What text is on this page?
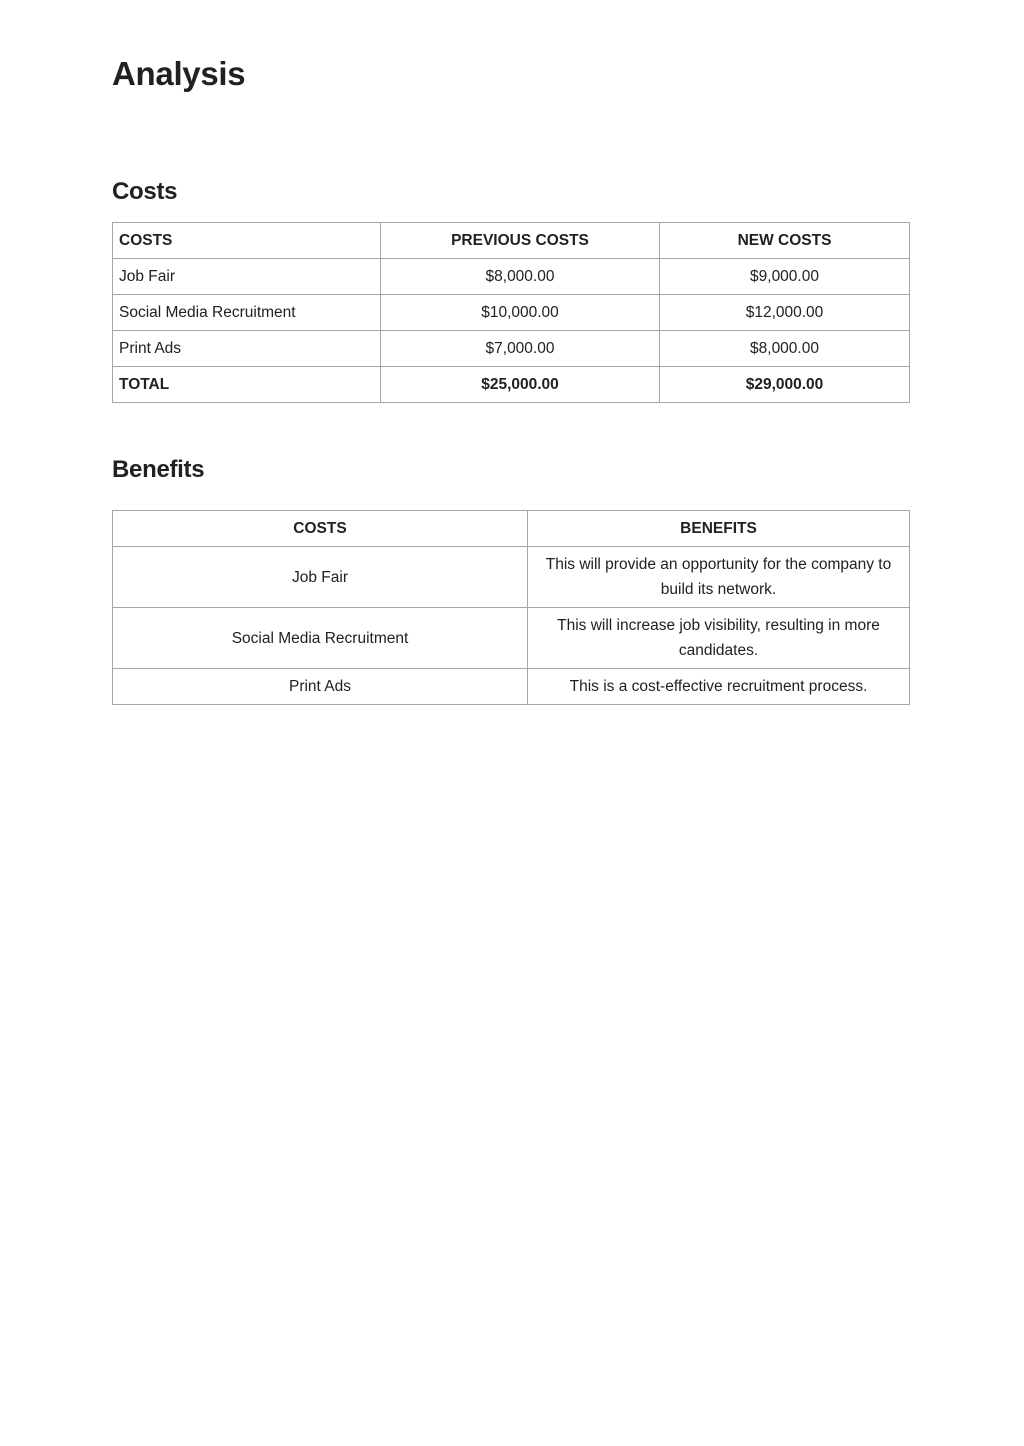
Analysis
Costs
COSTS	PREVIOUS COSTS	NEW COSTS
Job Fair	$8,000.00	$9,000.00
Social Media Recruitment	$10,000.00	$12,000.00
Print Ads	$7,000.00	$8,000.00
TOTAL	$25,000.00	$29,000.00
Benefits
COSTS	BENEFITS
Job Fair	This will provide an opportunity for the company to build its network.
Social Media Recruitment	This will increase job visibility, resulting in more candidates.
Print Ads	This is a cost-effective recruitment process.
